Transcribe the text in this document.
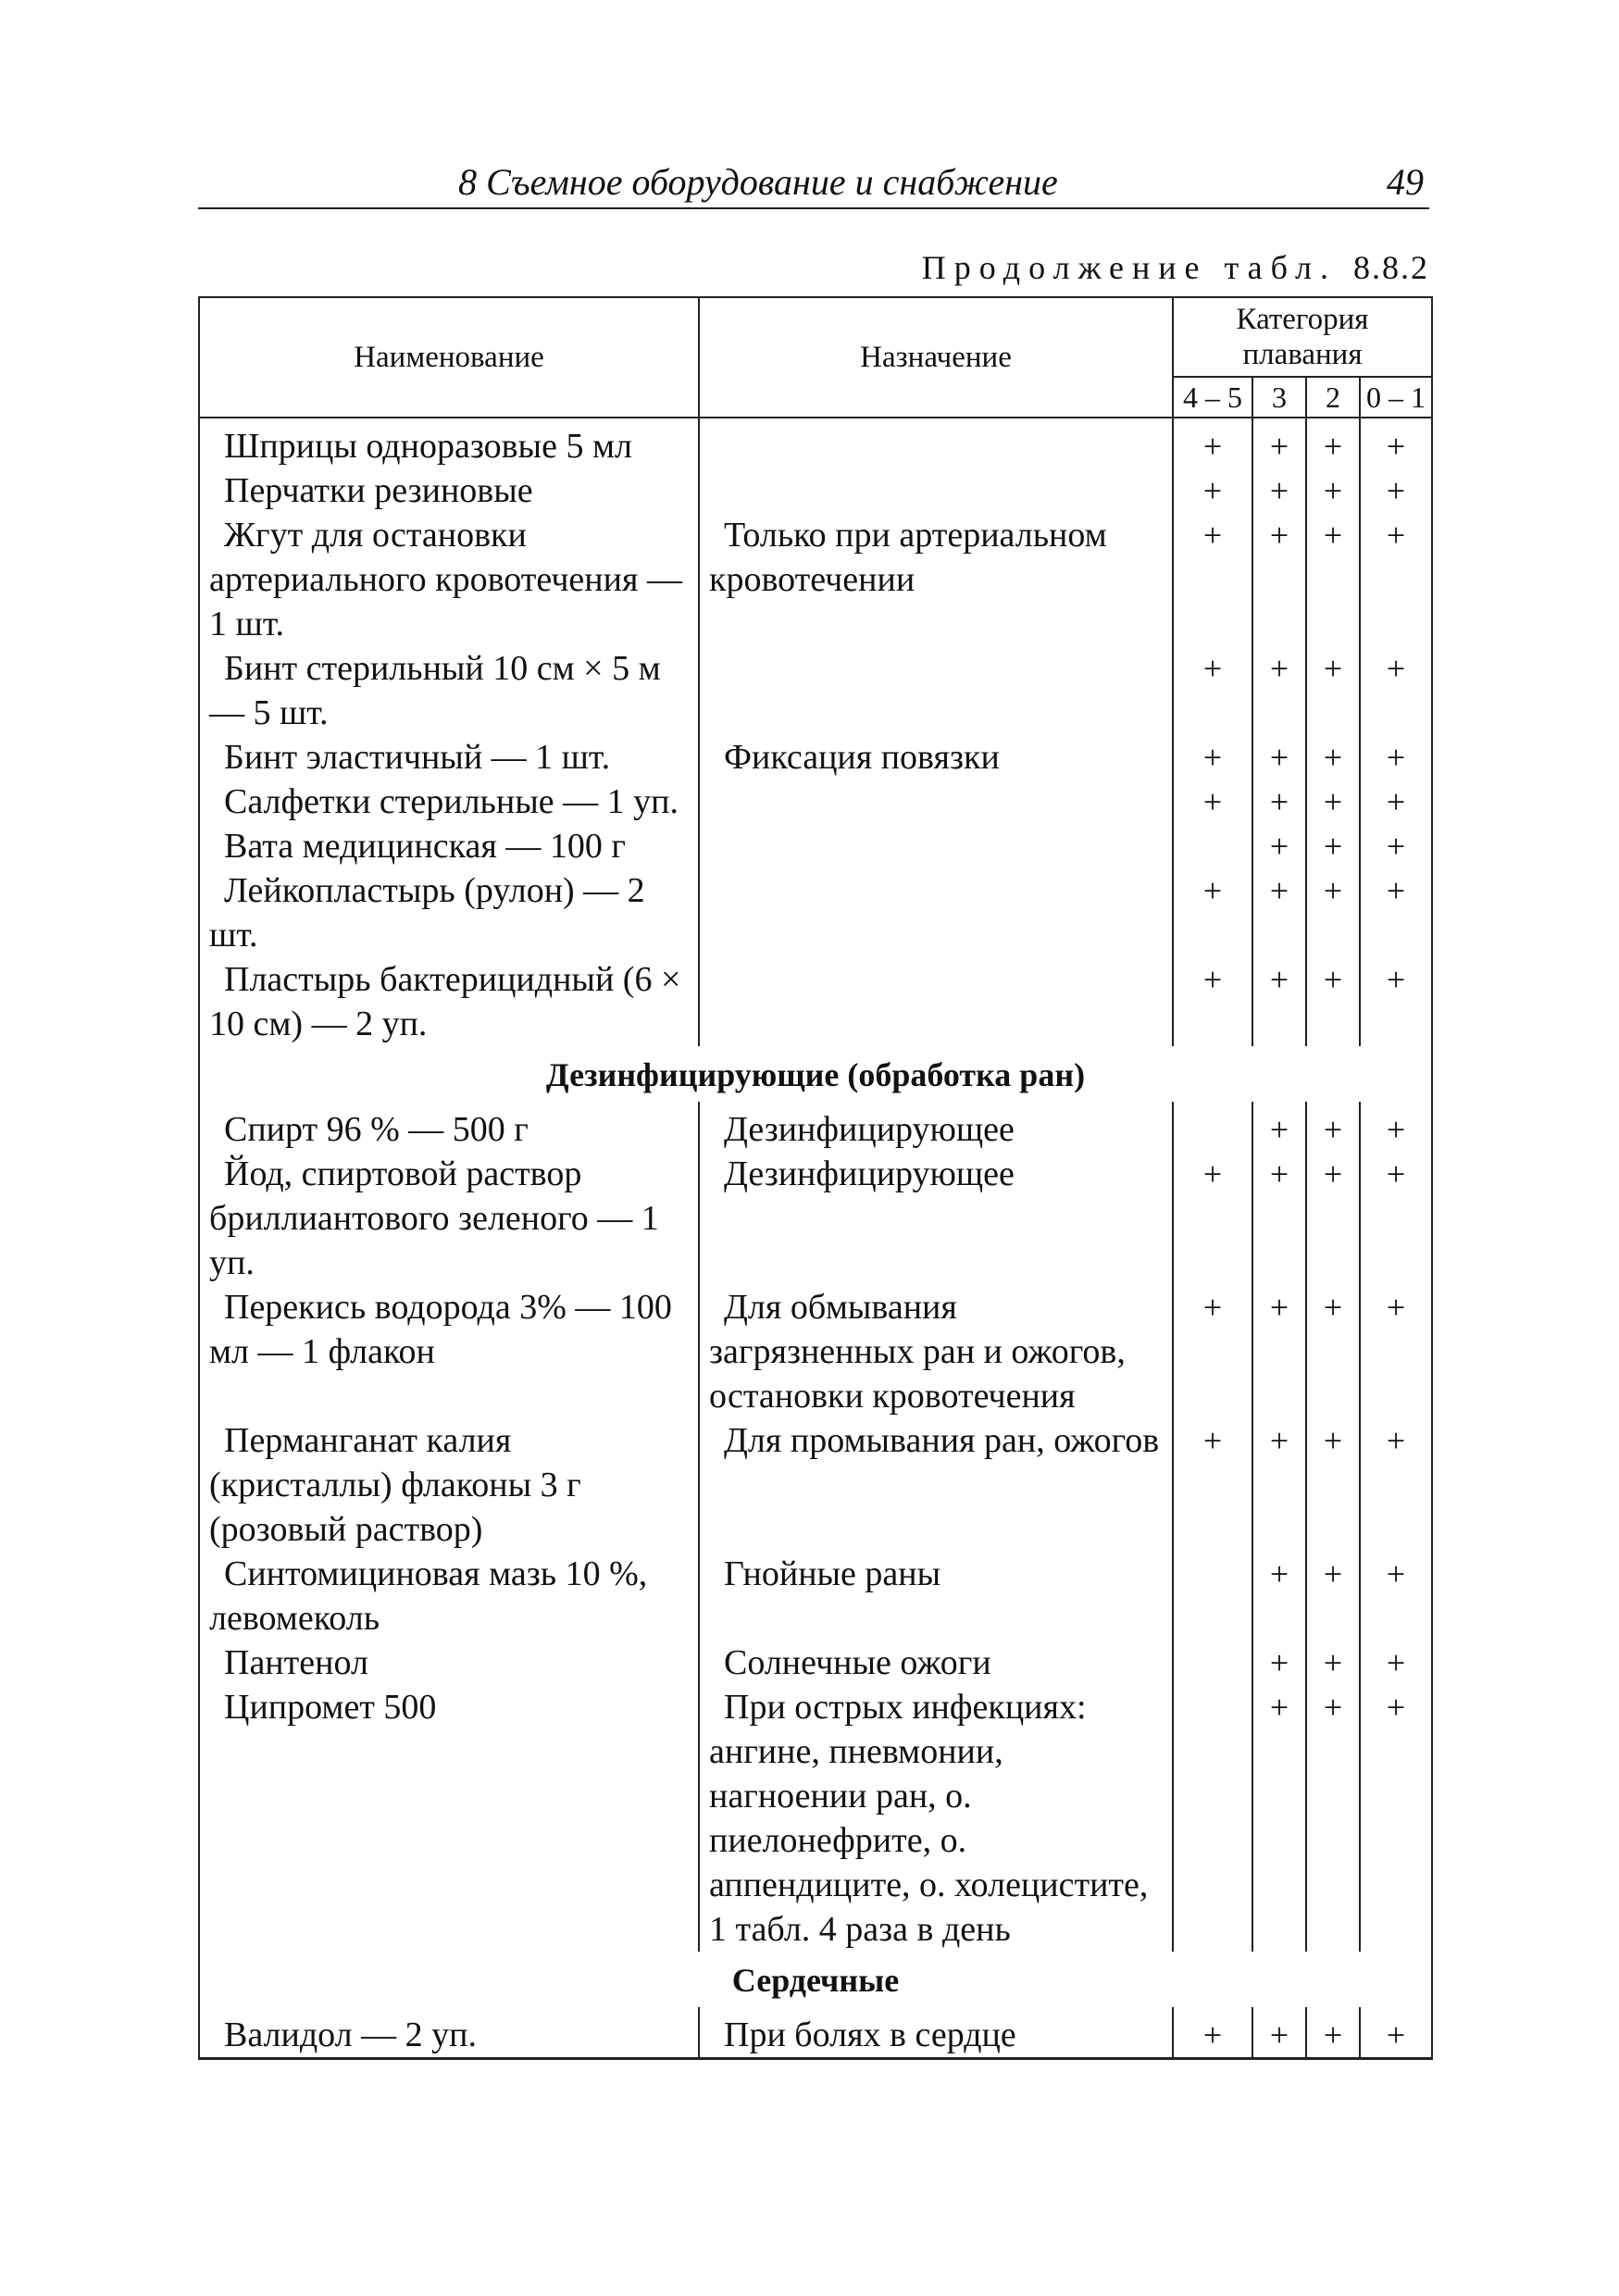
8 Съемное оборудование и снабжение	49
Продолжение табл. 8.8.2
Наименование	Назначение	Категория плавания			
		4 – 5	3	2	0 – 1
Шприцы одноразовые 5 мл		+	+	+	+
Перчатки резиновые		+	+	+	+
Жгут для остановки артериального кровотечения — 1 шт.	Только при артериальном кровотечении	+	+	+	+
Бинт стерильный 10 см × 5 м — 5 шт.		+	+	+	+
Бинт эластичный — 1 шт.	Фиксация повязки	+	+	+	+
Салфетки стерильные — 1 уп.		+	+	+	+
Вата медицинская — 100 г			+	+	+
Лейкопластырь (рулон) — 2 шт.		+	+	+	+
Пластырь бактерицидный (6 × 10 см) — 2 уп.		+	+	+	+
Дезинфицирующие (обработка ран)					
Спирт 96 % — 500 г	Дезинфицирующее		+	+	+
Йод, спиртовой раствор бриллиантового зеленого — 1 уп.	Дезинфицирующее	+	+	+	+
Перекись водорода 3% — 100 мл — 1 флакон	Для обмывания загрязненных ран и ожогов, остановки кровотечения	+	+	+	+
Перманганат калия (кристаллы) флаконы 3 г (розовый раствор)	Для промывания ран, ожогов	+	+	+	+
Синтомициновая мазь 10 %, левомеколь	Гнойные раны		+	+	+
Пантенол	Солнечные ожоги		+	+	+
Ципромет 500	При острых инфекциях: ангине, пневмонии, нагноении ран, о. пиелонефрите, о. аппендиците, о. холецистите, 1 табл. 4 раза в день		+	+	+
Сердечные					
Валидол — 2 уп.	При болях в сердце	+	+	+	+
